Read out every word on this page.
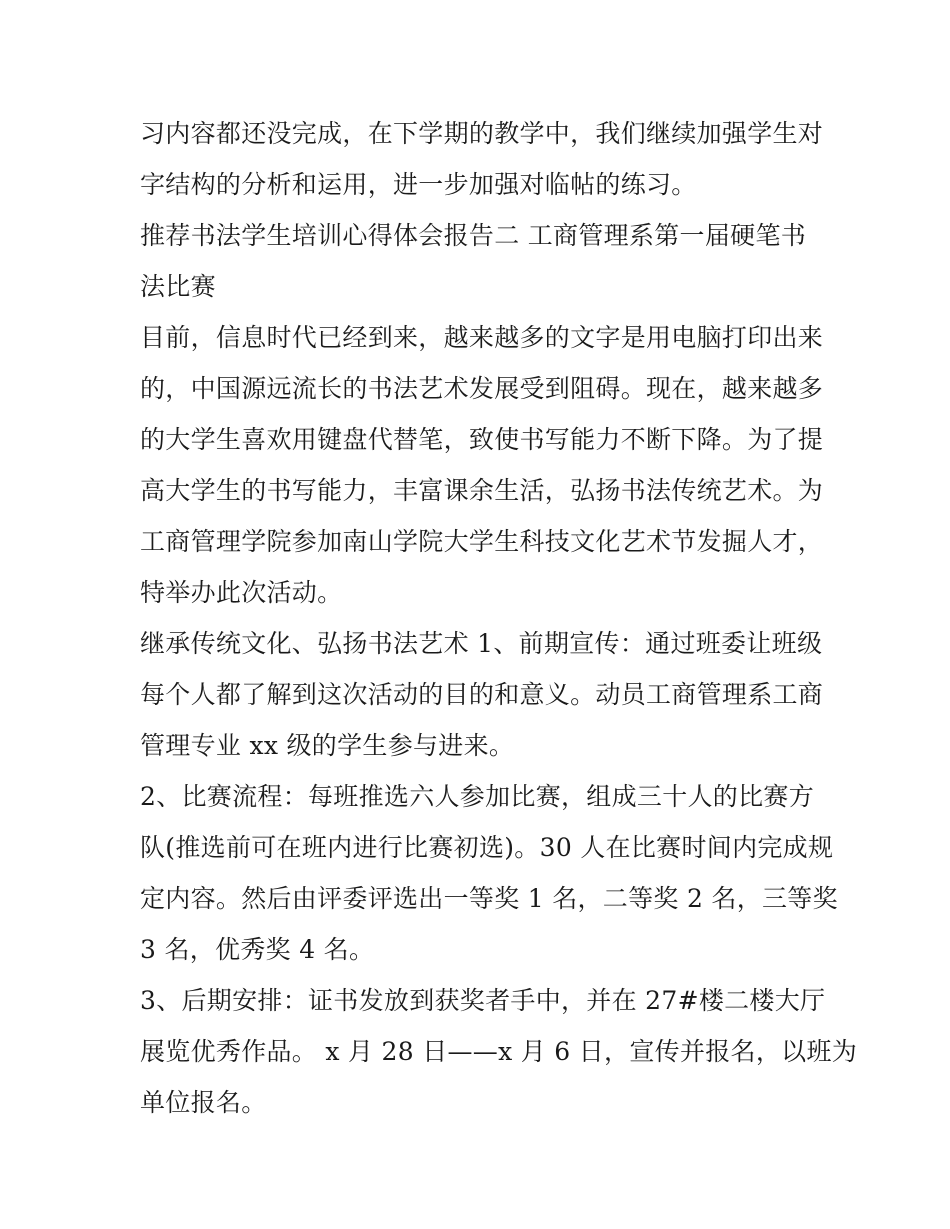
习内容都还没完成，在下学期的教学中，我们继续加强学生对
字结构的分析和运用，进一步加强对临帖的练习。
推荐书法学生培训心得体会报告二 工商管理系第一届硬笔书
法比赛
目前，信息时代已经到来，越来越多的文字是用电脑打印出来
的，中国源远流长的书法艺术发展受到阻碍。现在，越来越多
的大学生喜欢用键盘代替笔，致使书写能力不断下降。为了提
高大学生的书写能力，丰富课余生活，弘扬书法传统艺术。为
工商管理学院参加南山学院大学生科技文化艺术节发掘人才，
特举办此次活动。
继承传统文化、弘扬书法艺术 1、前期宣传：通过班委让班级
每个人都了解到这次活动的目的和意义。动员工商管理系工商
管理专业 xx 级的学生参与进来。
2、比赛流程：每班推选六人参加比赛，组成三十人的比赛方
队(推选前可在班内进行比赛初选)。30 人在比赛时间内完成规
定内容。然后由评委评选出一等奖 1 名，二等奖 2 名，三等奖
3 名，优秀奖 4 名。
3、后期安排：证书发放到获奖者手中，并在 27#楼二楼大厅
展览优秀作品。 x 月 28 日——x 月 6 日，宣传并报名，以班为
单位报名。
